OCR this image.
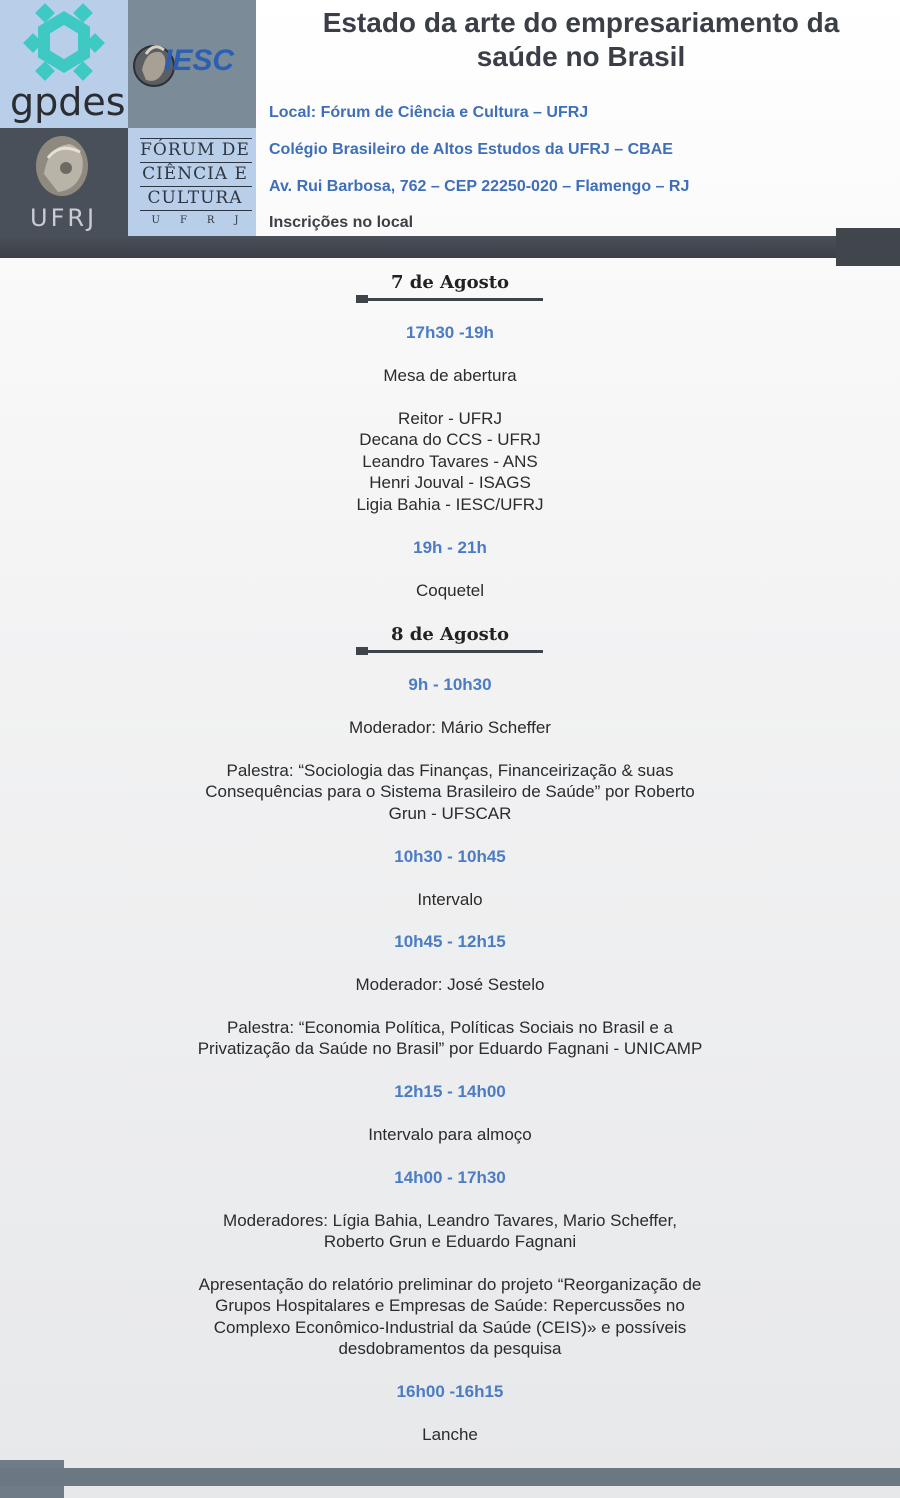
gpdes
IESC
UFRJ
FÓRUM DE
CIÊNCIA E
CULTURA
UFRJ
Estado da arte do empresariamento da
saúde no Brasil

Local: Fórum de Ciência e Cultura – UFRJ

Colégio Brasileiro de Altos Estudos da UFRJ – CBAE

Av. Rui Barbosa, 762 – CEP 22250-020 – Flamengo – RJ

Inscrições no local

7 de Agosto

17h30 -19h

Mesa de abertura

Reitor - UFRJ
Decana do CCS - UFRJ
Leandro Tavares - ANS
Henri Jouval - ISAGS
Ligia Bahia - IESC/UFRJ

19h - 21h

Coquetel

8 de Agosto

9h - 10h30

Moderador: Mário Scheffer

Palestra: “Sociologia das Finanças, Financeirização & suas
Consequências para o Sistema Brasileiro de Saúde” por Roberto
Grun - UFSCAR

10h30 - 10h45

Intervalo

10h45 - 12h15

Moderador: José Sestelo

Palestra: “Economia Política, Políticas Sociais no Brasil e a
Privatização da Saúde no Brasil” por Eduardo Fagnani - UNICAMP

12h15 - 14h00

Intervalo para almoço

14h00 - 17h30

Moderadores: Lígia Bahia, Leandro Tavares, Mario Scheffer,
Roberto Grun e Eduardo Fagnani

Apresentação do relatório preliminar do projeto “Reorganização de
Grupos Hospitalares e Empresas de Saúde: Repercussões no
Complexo Econômico-Industrial da Saúde (CEIS)» e possíveis
desdobramentos da pesquisa

16h00 -16h15

Lanche
